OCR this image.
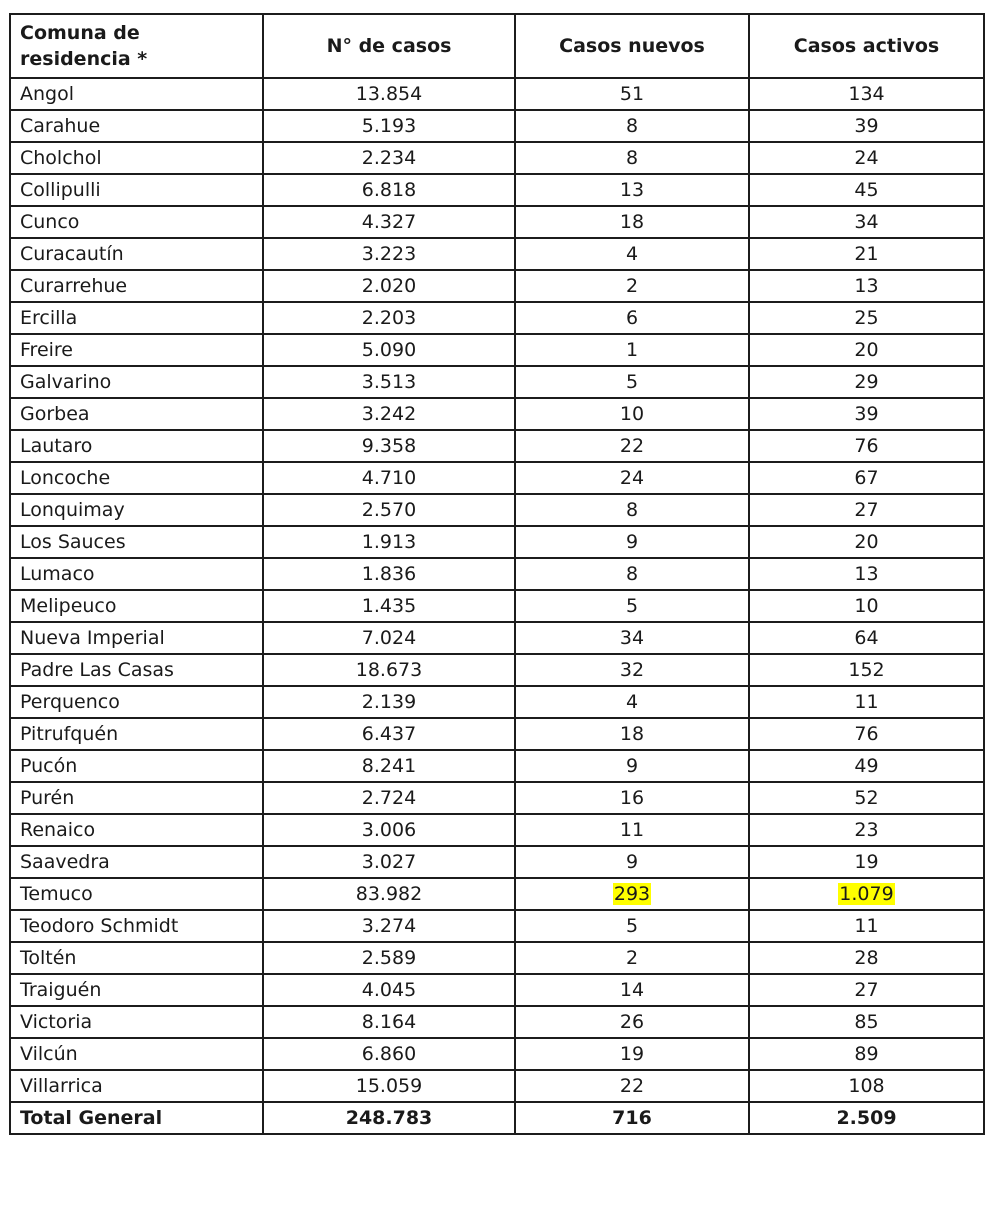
Comuna de residencia *	N° de casos	Casos nuevos	Casos activos
Angol	13.854	51	134
Carahue	5.193	8	39
Cholchol	2.234	8	24
Collipulli	6.818	13	45
Cunco	4.327	18	34
Curacautín	3.223	4	21
Curarrehue	2.020	2	13
Ercilla	2.203	6	25
Freire	5.090	1	20
Galvarino	3.513	5	29
Gorbea	3.242	10	39
Lautaro	9.358	22	76
Loncoche	4.710	24	67
Lonquimay	2.570	8	27
Los Sauces	1.913	9	20
Lumaco	1.836	8	13
Melipeuco	1.435	5	10
Nueva Imperial	7.024	34	64
Padre Las Casas	18.673	32	152
Perquenco	2.139	4	11
Pitrufquén	6.437	18	76
Pucón	8.241	9	49
Purén	2.724	16	52
Renaico	3.006	11	23
Saavedra	3.027	9	19
Temuco	83.982	293	1.079
Teodoro Schmidt	3.274	5	11
Toltén	2.589	2	28
Traiguén	4.045	14	27
Victoria	8.164	26	85
Vilcún	6.860	19	89
Villarrica	15.059	22	108
Total General	248.783	716	2.509
